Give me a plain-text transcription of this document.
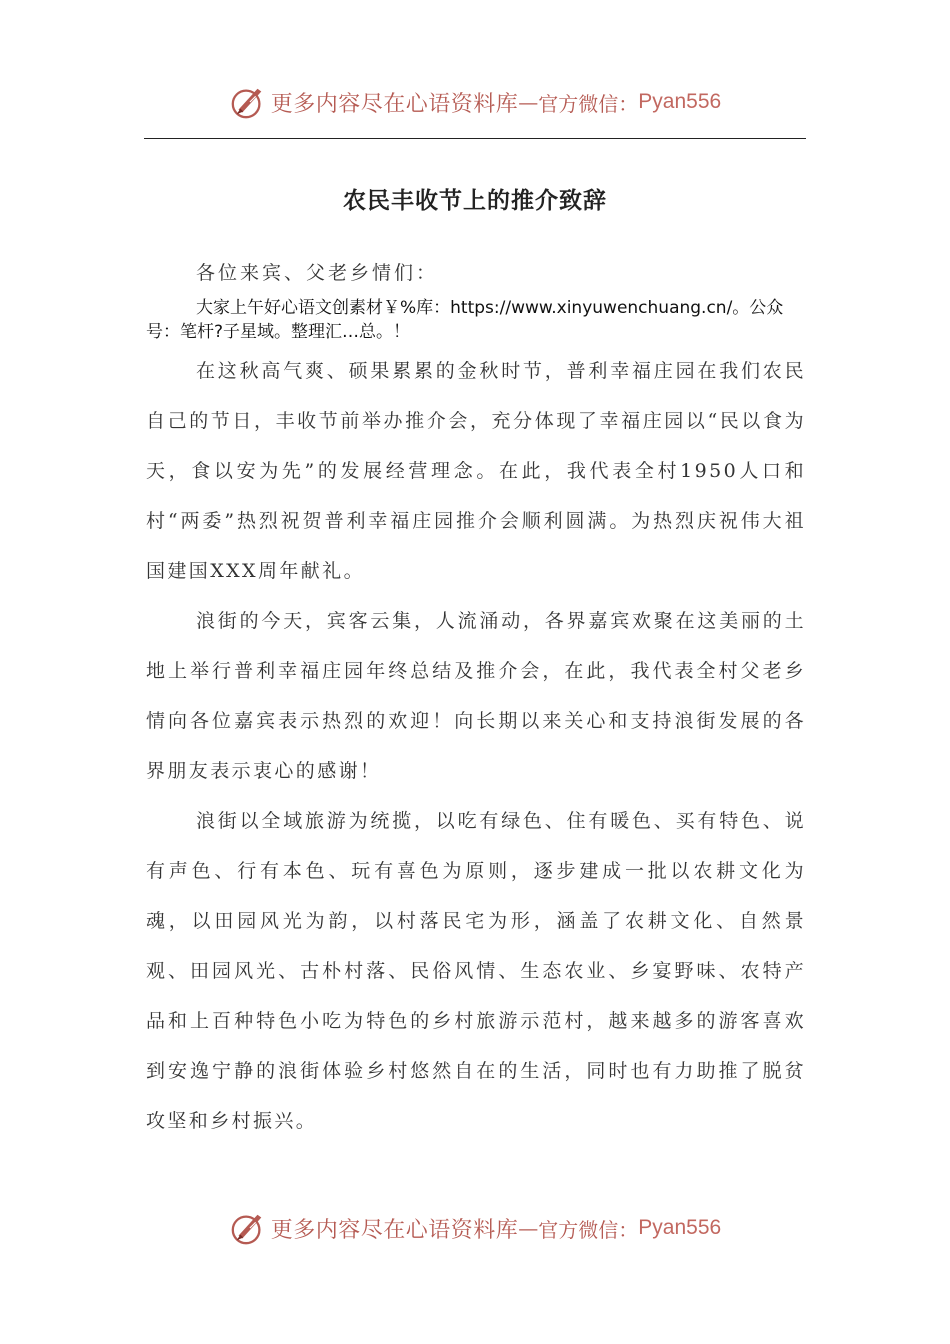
更多内容尽在心语资料库 — 官方微信： Pyan556
农民丰收节上的推介致辞
各位来宾、父老乡情们：
大家上午好心语文创素材￥%库：https://www.xinyuwenchuang.cn/。公众号：笔杆?子星域。整理汇…总。！
在这秋高气爽、硕果累累的金秋时节，普利幸福庄园在我们农民自己的节日，丰收节前举办推介会，充分体现了幸福庄园以“民以食为天，食以安为先”的发展经营理念。在此，我代表全村1950人口和村“两委”热烈祝贺普利幸福庄园推介会顺利圆满。为热烈庆祝伟大祖国建国XXX周年献礼。
浪街的今天，宾客云集，人流涌动，各界嘉宾欢聚在这美丽的土地上举行普利幸福庄园年终总结及推介会，在此，我代表全村父老乡情向各位嘉宾表示热烈的欢迎！向长期以来关心和支持浪街发展的各界朋友表示衷心的感谢！
浪街以全域旅游为统揽，以吃有绿色、住有暖色、买有特色、说有声色、行有本色、玩有喜色为原则，逐步建成一批以农耕文化为魂，以田园风光为韵，以村落民宅为形，涵盖了农耕文化、自然景观、田园风光、古朴村落、民俗风情、生态农业、乡宴野味、农特产品和上百种特色小吃为特色的乡村旅游示范村，越来越多的游客喜欢到安逸宁静的浪街体验乡村悠然自在的生活，同时也有力助推了脱贫攻坚和乡村振兴。
更多内容尽在心语资料库 — 官方微信： Pyan556
